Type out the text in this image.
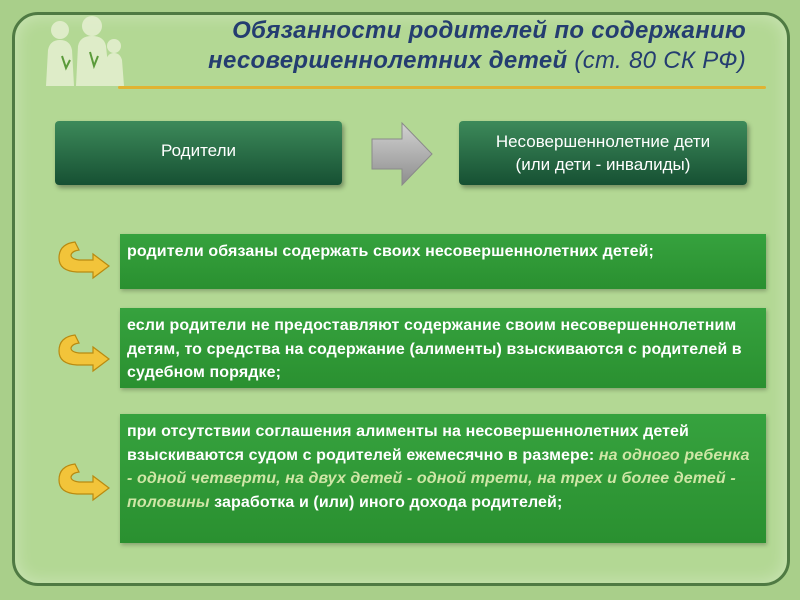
Обязанности родителей по содержанию несовершеннолетних детей (ст. 80 СК РФ)
Родители	Несовершеннолетние дети
(или дети - инвалиды)
родители обязаны содержать своих несовершеннолетних детей;
если родители не предоставляют содержание своим несовершеннолетним детям, то средства на содержание (алименты) взыскиваются с родителей в судебном порядке;
при отсутствии соглашения алименты на несовершеннолетних детей взыскиваются судом с родителей ежемесячно в размере: на одного ребенка - одной четверти, на двух детей - одной трети, на трех и более детей - половины заработка и (или) иного дохода родителей;
